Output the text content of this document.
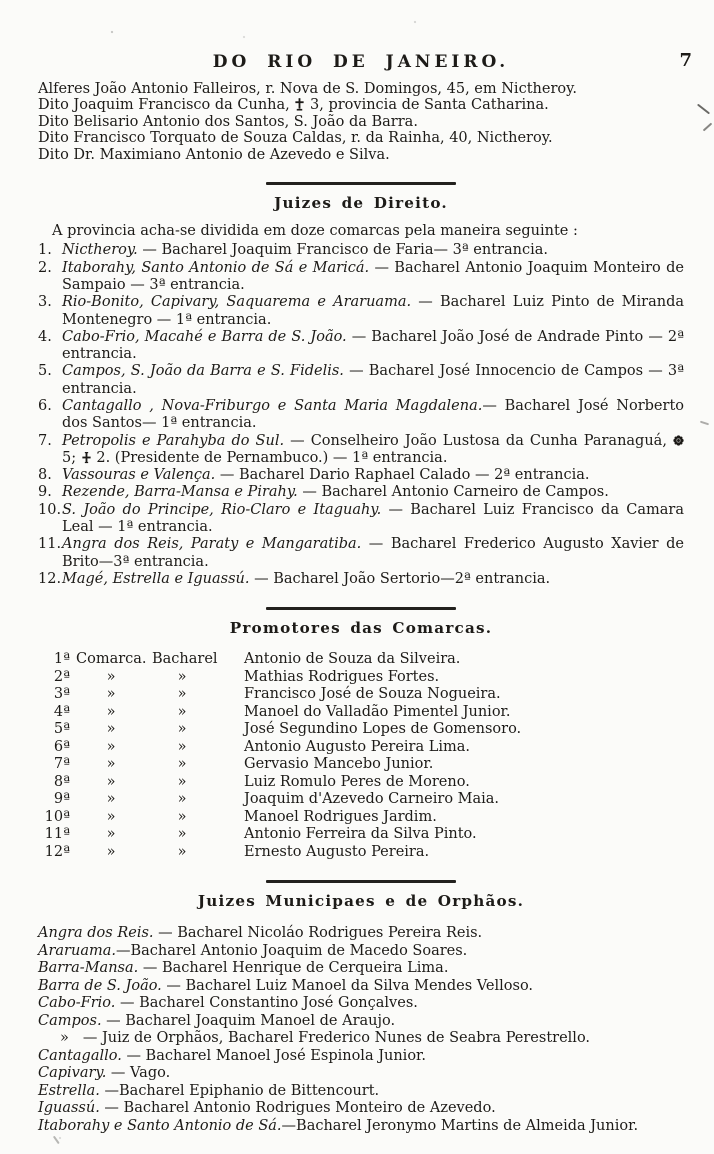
DO RIO DE JANEIRO.	7
Alferes João Antonio Falleiros, r. Nova de S. Domingos, 45, em Nictheroy.
Dito Joaquim Francisco da Cunha,  3, provincia de Santa Catharina.
Dito Belisario Antonio dos Santos, S. João da Barra.
Dito Francisco Torquato de Souza Caldas, r. da Rainha, 40, Nictheroy.
Dito Dr. Maximiano Antonio de Azevedo e Silva.
Juizes de Direito.

A provincia acha-se dividida em doze comarcas pela maneira seguinte :

1. Nictheroy. — Bacharel Joaquim Francisco de Faria— 3ª entrancia.
2. Itaborahy, Santo Antonio de Sá e Maricá. — Bacharel Antonio Joaquim Monteiro de Sampaio — 3ª entrancia.
3. Rio-Bonito, Capivary, Saquarema e Araruama. — Bacharel Luiz Pinto de Miranda Montenegro — 1ª entrancia.
4. Cabo-Frio, Macahé e Barra de S. João. — Bacharel João José de Andrade Pinto — 2ª entrancia.
5. Campos, S. João da Barra e S. Fidelis. — Bacharel José Innocencio de Campos — 3ª entrancia.
6. Cantagallo , Nova-Friburgo e Santa Maria Magdalena.— Bacharel José Norberto dos Santos— 1ª entrancia.
7. Petropolis e Parahyba do Sul. — Conselheiro João Lustosa da Cunha Paranaguá,  5;  2. (Presidente de Pernambuco.) — 1ª entrancia.
8. Vassouras e Valença. — Bacharel Dario Raphael Calado — 2ª entrancia.
9. Rezende, Barra-Mansa e Pirahy. — Bacharel Antonio Carneiro de Campos.
10.S. João do Principe, Rio-Claro e Itaguahy. — Bacharel Luiz Francisco da Camara Leal — 1ª entrancia.
11.Angra dos Reis, Paraty e Mangaratiba. — Bacharel Frederico Augusto Xavier de Brito—3ª entrancia.
12.Magé, Estrella e Iguassú. — Bacharel João Sertorio—2ª entrancia.
Promotores das Comarcas.
1ª Comarca. Bacharel	Antonio de Souza da Silveira.
2ª	»	»	Mathias Rodrigues Fortes.
3ª	»	»	Francisco José de Souza Nogueira.
4ª	»	»	Manoel do Valladão Pimentel Junior.
5ª	»	»	José Segundino Lopes de Gomensoro.
6ª	»	»	Antonio Augusto Pereira Lima.
7ª	»	»	Gervasio Mancebo Junior.
8ª	»	»	Luiz Romulo Peres de Moreno.
9ª	»	»	Joaquim d'Azevedo Carneiro Maia.
10ª	»	»	Manoel Rodrigues Jardim.
11ª	»	»	Antonio Ferreira da Silva Pinto.
12ª	»	»	Ernesto Augusto Pereira.
Juizes Municipaes e de Orphãos.
Angra dos Reis. — Bacharel Nicoláo Rodrigues Pereira Reis.
Araruama.—Bacharel Antonio Joaquim de Macedo Soares.
Barra-Mansa. — Bacharel Henrique de Cerqueira Lima.
Barra de S. João. — Bacharel Luiz Manoel da Silva Mendes Velloso.
Cabo-Frio. — Bacharel Constantino José Gonçalves.
Campos. — Bacharel Joaquim Manoel de Araujo.
» — Juiz de Orphãos, Bacharel Frederico Nunes de Seabra Perestrello.
Cantagallo. — Bacharel Manoel José Espinola Junior.
Capivary. — Vago.
Estrella. —Bacharel Epiphanio de Bittencourt.
Iguassú. — Bacharel Antonio Rodrigues Monteiro de Azevedo.
Itaborahy e Santo Antonio de Sá.—Bacharel Jeronymo Martins de Almeida Junior.
